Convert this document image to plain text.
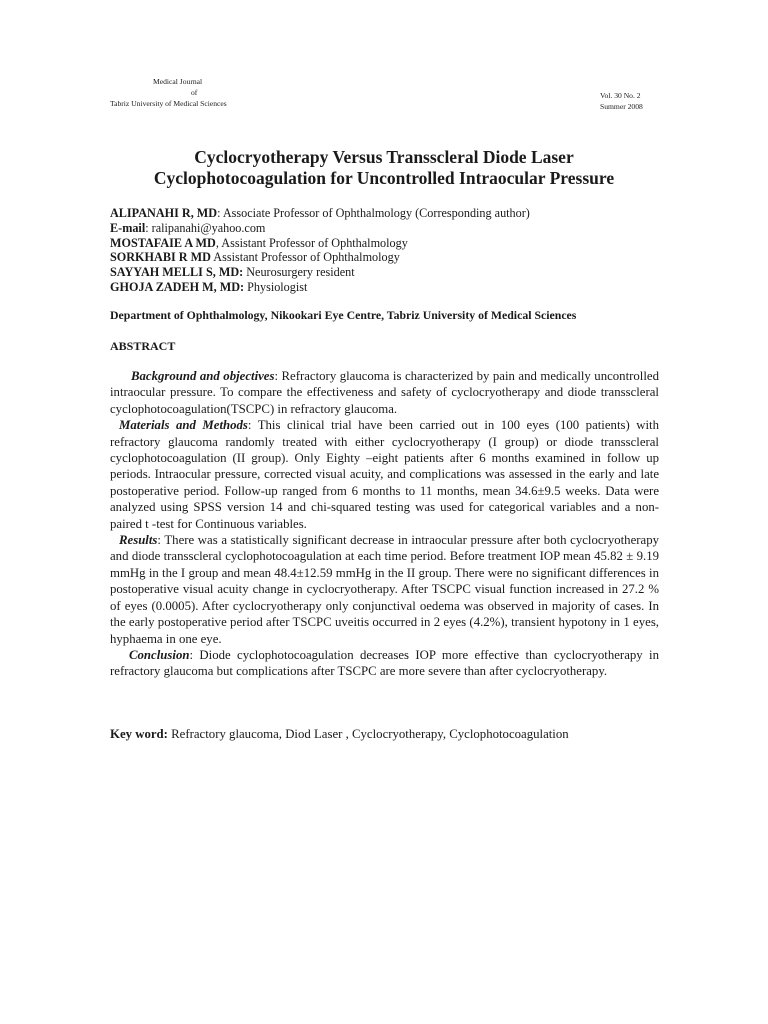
Medical Journal
of
Tabriz University of Medical Sciences
Vol. 30 No. 2
Summer 2008
Cyclocryotherapy Versus Transscleral Diode Laser
Cyclophotocoagulation for Uncontrolled Intraocular Pressure
ALIPANAHI R, MD: Associate Professor of Ophthalmology (Corresponding author)
E-mail: ralipanahi@yahoo.com
MOSTAFAIE A MD, Assistant Professor of Ophthalmology
SORKHABI R MD Assistant Professor of Ophthalmology
SAYYAH MELLI S, MD: Neurosurgery resident
GHOJA ZADEH M, MD: Physiologist
Department of Ophthalmology, Nikookari Eye Centre, Tabriz University of Medical Sciences
ABSTRACT

Background and objectives: Refractory glaucoma is characterized by pain and medically uncontrolled intraocular pressure. To compare the effectiveness and safety of cyclocryotherapy and diode transscleral cyclophotocoagulation(TSCPC) in refractory glaucoma.

Materials and Methods: This clinical trial have been carried out in 100 eyes (100 patients) with refractory glaucoma randomly treated with either cyclocryotherapy (I group) or diode transscleral cyclophotocoagulation (II group). Only Eighty –eight patients after 6 months examined in follow up periods. Intraocular pressure, corrected visual acuity, and complications was assessed in the early and late postoperative period. Follow-up ranged from 6 months to 11 months, mean 34.6±9.5 weeks. Data were analyzed using SPSS version 14 and chi-squared testing was used for categorical variables and a non-paired t -test for Continuous variables.

Results: There was a statistically significant decrease in intraocular pressure after both cyclocryotherapy and diode transscleral cyclophotocoagulation at each time period. Before treatment IOP mean 45.82 ± 9.19 mmHg in the I group and mean 48.4±12.59 mmHg in the II group. There were no significant differences in postoperative visual acuity change in cyclocryotherapy. After TSCPC visual function increased in 27.2 % of eyes (0.0005). After cyclocryotherapy only conjunctival oedema was observed in majority of cases. In the early postoperative period after TSCPC uveitis occurred in 2 eyes (4.2%), transient hypotony in 1 eyes, hyphaema in one eye.

Conclusion: Diode cyclophotocoagulation decreases IOP more effective than cyclocryotherapy in refractory glaucoma but complications after TSCPC are more severe than after cyclocryotherapy.

Key word: Refractory glaucoma, Diod Laser , Cyclocryotherapy, Cyclophotocoagulation
